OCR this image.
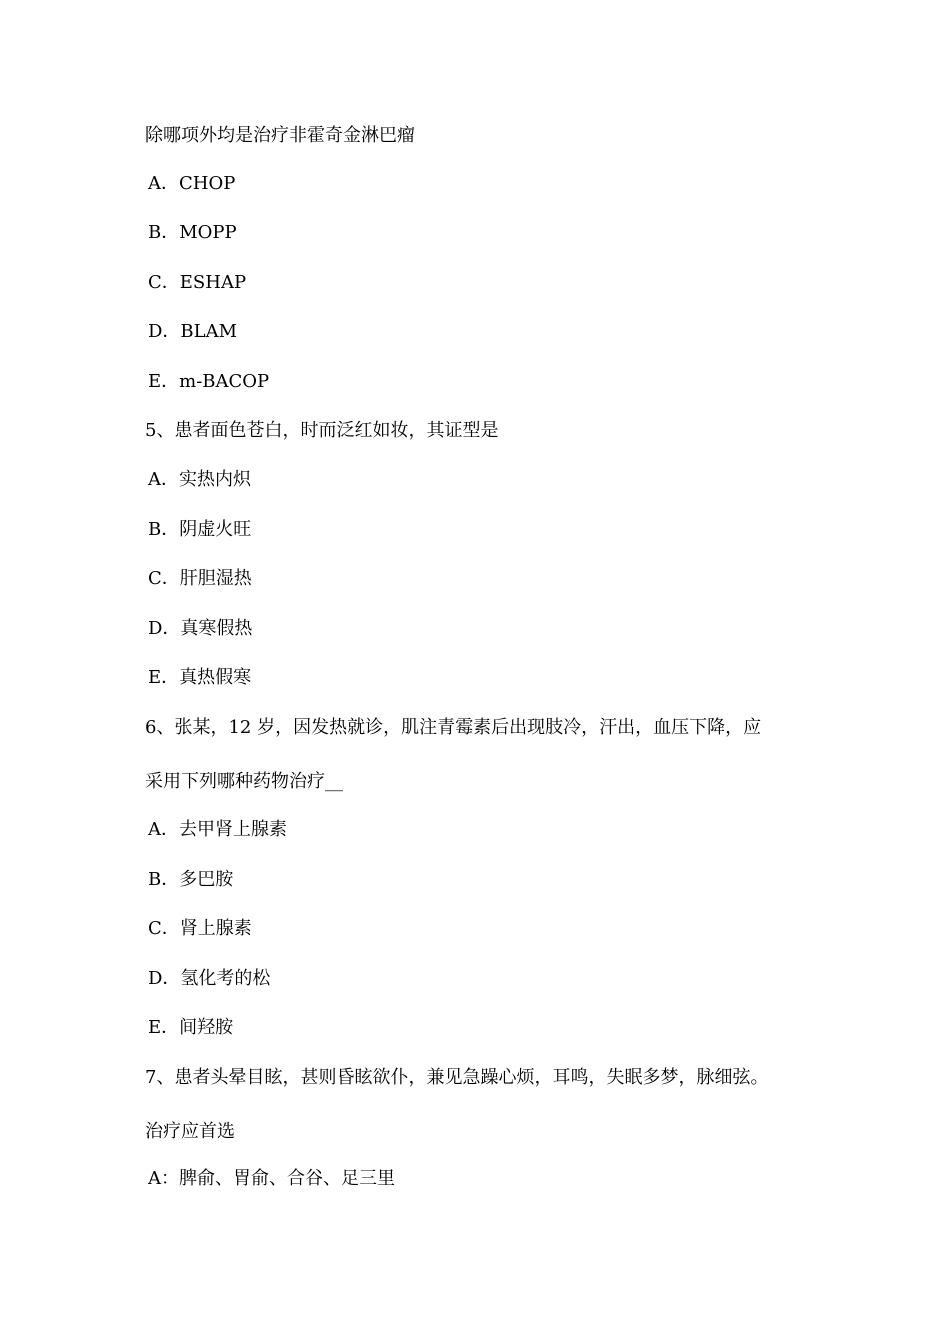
除哪项外均是治疗非霍奇金淋巴瘤
A．CHOP
B．MOPP
C．ESHAP
D．BLAM
E．m-BACOP
5、患者面色苍白，时而泛红如妆，其证型是
A．实热内炽
B．阴虚火旺
C．肝胆湿热
D．真寒假热
E．真热假寒
6、张某，12 岁，因发热就诊，肌注青霉素后出现肢冷，汗出，血压下降，应
采用下列哪种药物治疗__
A．去甲肾上腺素
B．多巴胺
C．肾上腺素
D．氢化考的松
E．间羟胺
7、患者头晕目眩，甚则昏眩欲仆，兼见急躁心烦，耳鸣，失眠多梦，脉细弦。
治疗应首选
A：脾俞、胃俞、合谷、足三里
